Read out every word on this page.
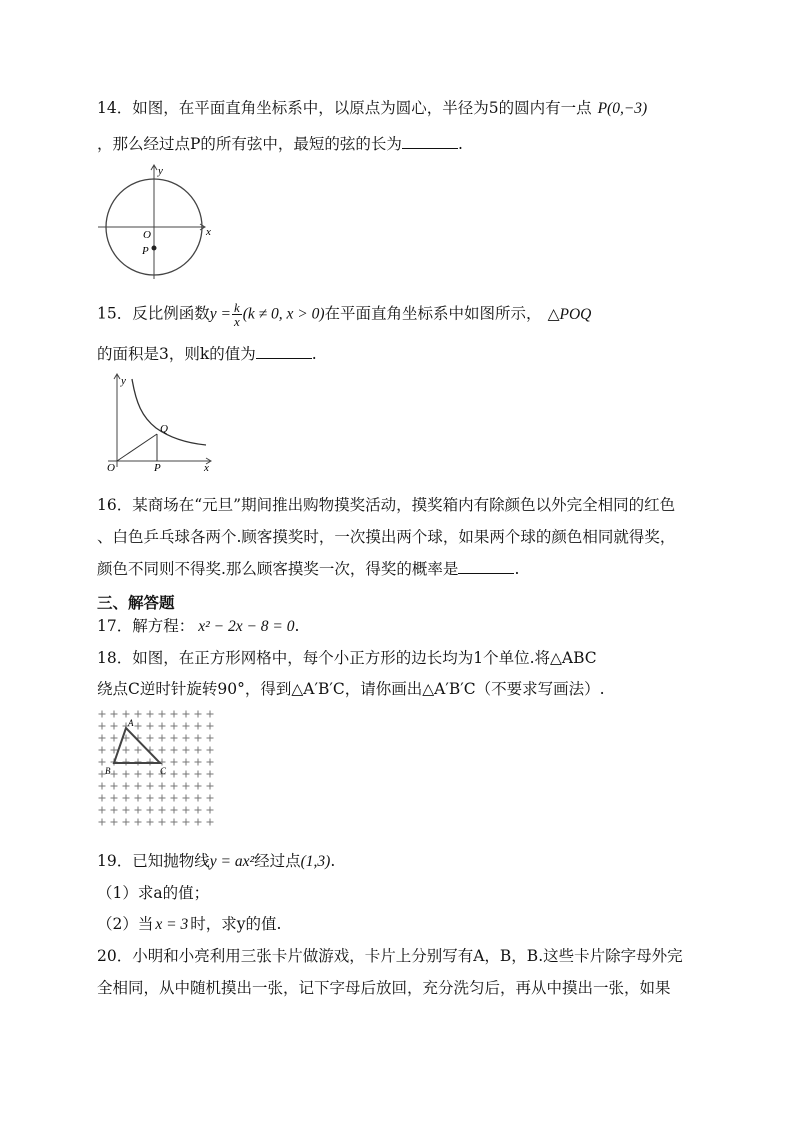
14．如图，在平面直角坐标系中，以原点为圆心，半径为5的圆内有一点 P(0,−3)
，那么经过点P的所有弦中，最短的弦的长为	.
y
x
O
P
15．反比例函数$y = \frac{k}{x} (k \ne 0$, x > 0)在平面直角坐标系中如图所示， △POQ
的面积是3，则k的值为	.
y
x
O	P
Q
16．某商场在“元旦”期间推出购物摸奖活动，摸奖箱内有除颜色以外完全相同的红色
、白色乒乓球各两个.顾客摸奖时，一次摸出两个球，如果两个球的颜色相同就得奖，
颜色不同则不得奖.那么顾客摸奖一次，得奖的概率是	.
三、解答题
17．解方程： x² − 2x − 8 = 0.
18．如图，在正方形网格中，每个小正方形的边长均为1个单位.将△ABC
绕点C逆时针旋转90°，得到△A′B′C，请你画出△A′B′C（不要求写画法）.
A
B	C
19．已知抛物线y = ax²经过点(1,3).
（1）求a的值；
（2）当 x = 3 时，求y的值.
20．小明和小亮利用三张卡片做游戏，卡片上分别写有A，B，B.这些卡片除字母外完
全相同，从中随机摸出一张，记下字母后放回，充分洗匀后，再从中摸出一张，如果
